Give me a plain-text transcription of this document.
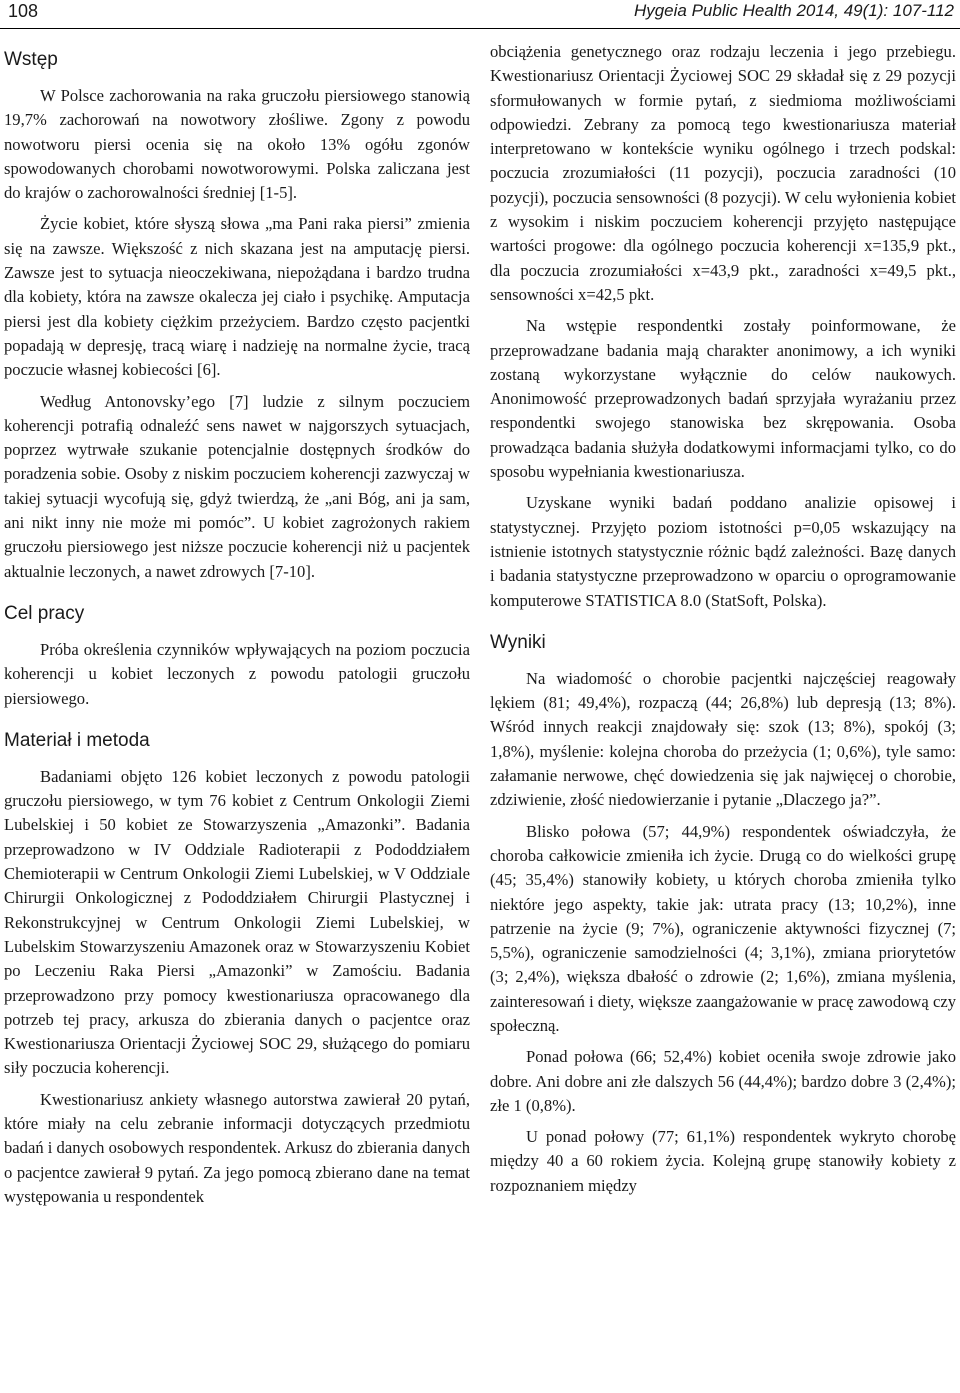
108	Hygeia Public Health 2014, 49(1): 107-112
Wstęp

W Polsce zachorowania na raka gruczołu piersiowego stanowią 19,7% zachorowań na nowotwory złośliwe. Zgony z powodu nowotworu piersi ocenia się na około 13% ogółu zgonów spowodowanych chorobami nowotworowymi. Polska zaliczana jest do krajów o zachorowalności średniej [1-5].

Życie kobiet, które słyszą słowa „ma Pani raka piersi” zmienia się na zawsze. Większość z nich skazana jest na amputację piersi. Zawsze jest to sytuacja nieoczekiwana, niepożądana i bardzo trudna dla kobiety, która na zawsze okalecza jej ciało i psychikę. Amputacja piersi jest dla kobiety ciężkim przeżyciem. Bardzo często pacjentki popadają w depresję, tracą wiarę i nadzieję na normalne życie, tracą poczucie własnej kobiecości [6].

Według Antonovsky’ego [7] ludzie z silnym poczuciem koherencji potrafią odnaleźć sens nawet w najgorszych sytuacjach, poprzez wytrwałe szukanie potencjalnie dostępnych środków do poradzenia sobie. Osoby z niskim poczuciem koherencji zazwyczaj w takiej sytuacji wycofują się, gdyż twierdzą, że „ani Bóg, ani ja sam, ani nikt inny nie może mi pomóc”. U kobiet zagrożonych rakiem gruczołu piersiowego jest niższe poczucie koherencji niż u pacjentek aktualnie leczonych, a nawet zdrowych [7-10].

Cel pracy

Próba określenia czynników wpływających na poziom poczucia koherencji u kobiet leczonych z powodu patologii gruczołu piersiowego.

Materiał i metoda

Badaniami objęto 126 kobiet leczonych z powodu patologii gruczołu piersiowego, w tym 76 kobiet z Centrum Onkologii Ziemi Lubelskiej i 50 kobiet ze Stowarzyszenia „Amazonki”. Badania przeprowadzono w IV Oddziale Radioterapii z Pododdziałem Chemioterapii w Centrum Onkologii Ziemi Lubelskiej, w V Oddziale Chirurgii Onkologicznej z Pododdziałem Chirurgii Plastycznej i Rekonstrukcyjnej w Centrum Onkologii Ziemi Lubelskiej, w Lubelskim Stowarzyszeniu Amazonek oraz w Stowarzyszeniu Kobiet po Leczeniu Raka Piersi „Amazonki” w Zamościu. Badania przeprowadzono przy pomocy kwestionariusza opracowanego dla potrzeb tej pracy, arkusza do zbierania danych o pacjentce oraz Kwestionariusza Orientacji Życiowej SOC 29, służącego do pomiaru siły poczucia koherencji.

Kwestionariusz ankiety własnego autorstwa zawierał 20 pytań, które miały na celu zebranie informacji dotyczących przedmiotu badań i danych osobowych respondentek. Arkusz do zbierania danych o pacjentce zawierał 9 pytań. Za jego pomocą zbierano dane na temat występowania u respondentek

obciążenia genetycznego oraz rodzaju leczenia i jego przebiegu. Kwestionariusz Orientacji Życiowej SOC 29 składał się z 29 pozycji sformułowanych w formie pytań, z siedmioma możliwościami odpowiedzi. Zebrany za pomocą tego kwestionariusza materiał interpretowano w kontekście wyniku ogólnego i trzech podskal: poczucia zrozumiałości (11 pozycji), poczucia zaradności (10 pozycji), poczucia sensowności (8 pozycji). W celu wyłonienia kobiet z wysokim i niskim poczuciem koherencji przyjęto następujące wartości progowe: dla ogólnego poczucia koherencji x=135,9 pkt., dla poczucia zrozumiałości x=43,9 pkt., zaradności x=49,5 pkt., sensowności x=42,5 pkt.

Na wstępie respondentki zostały poinformowane, że przeprowadzane badania mają charakter anonimowy, a ich wyniki zostaną wykorzystane wyłącznie do celów naukowych. Anonimowość przeprowadzonych badań sprzyjała wyrażaniu przez respondentki swojego stanowiska bez skrępowania. Osoba prowadząca badania służyła dodatkowymi informacjami tylko, co do sposobu wypełniania kwestionariusza.

Uzyskane wyniki badań poddano analizie opisowej i statystycznej. Przyjęto poziom istotności p=0,05 wskazujący na istnienie istotnych statystycznie różnic bądź zależności. Bazę danych i badania statystyczne przeprowadzono w oparciu o oprogramowanie komputerowe STATISTICA 8.0 (StatSoft, Polska).

Wyniki

Na wiadomość o chorobie pacjentki najczęściej reagowały lękiem (81; 49,4%), rozpaczą (44; 26,8%) lub depresją (13; 8%). Wśród innych reakcji znajdowały się: szok (13; 8%), spokój (3; 1,8%), myślenie: kolejna choroba do przeżycia (1; 0,6%), tyle samo: załamanie nerwowe, chęć dowiedzenia się jak najwięcej o chorobie, zdziwienie, złość niedowierzanie i pytanie „Dlaczego ja?”.

Blisko połowa (57; 44,9%) respondentek oświadczyła, że choroba całkowicie zmieniła ich życie. Drugą co do wielkości grupę (45; 35,4%) stanowiły kobiety, u których choroba zmieniła tylko niektóre jego aspekty, takie jak: utrata pracy (13; 10,2%), inne patrzenie na życie (9; 7%), ograniczenie aktywności fizycznej (7; 5,5%), ograniczenie samodzielności (4; 3,1%), zmiana priorytetów (3; 2,4%), większa dbałość o zdrowie (2; 1,6%), zmiana myślenia, zainteresowań i diety, większe zaangażowanie w pracę zawodową czy społeczną.

Ponad połowa (66; 52,4%) kobiet oceniła swoje zdrowie jako dobre. Ani dobre ani złe dalszych 56 (44,4%); bardzo dobre 3 (2,4%); złe 1 (0,8%).

U ponad połowy (77; 61,1%) respondentek wykryto chorobę między 40 a 60 rokiem życia. Kolejną grupę stanowiły kobiety z rozpoznaniem między
